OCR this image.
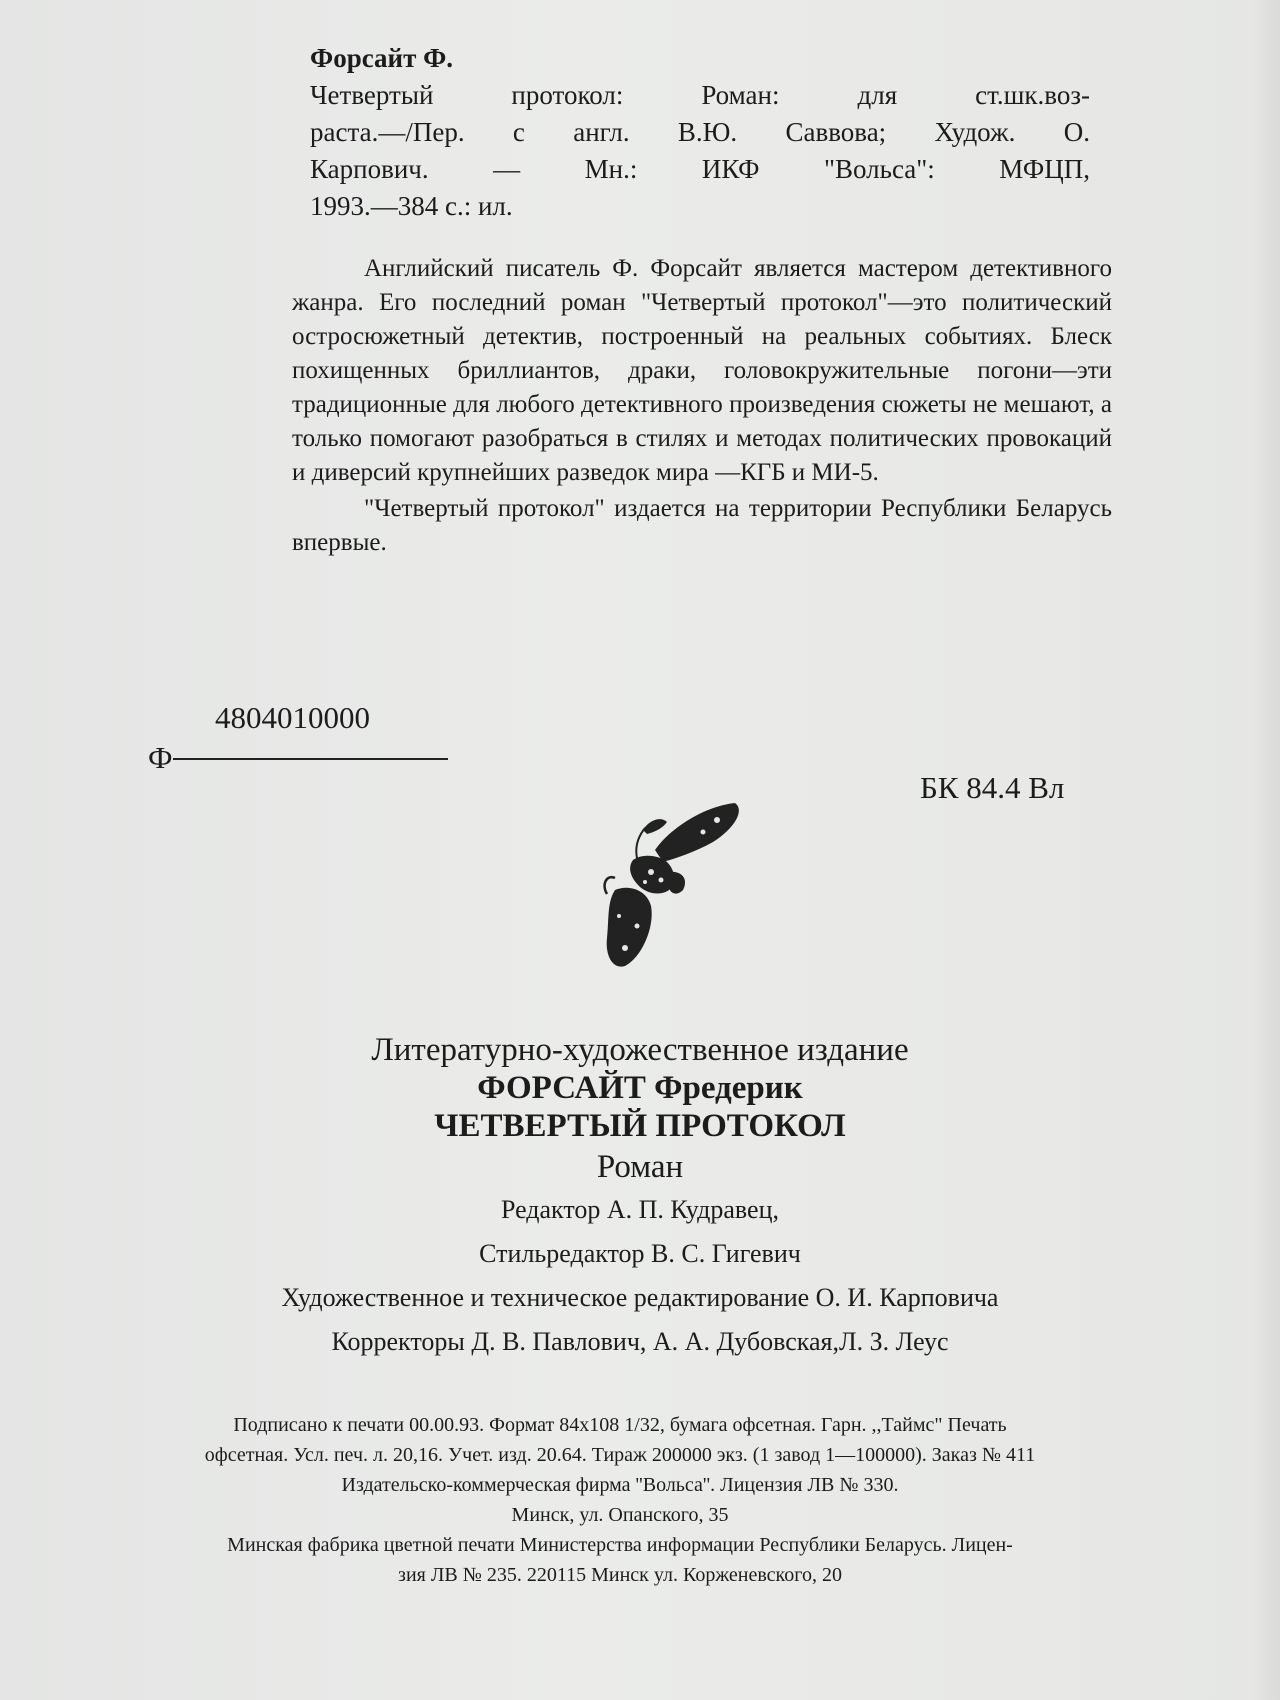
Форсайт Ф.
Четвертый протокол: Роман: для ст.шк.воз-
раста.—/Пер. с англ. В.Ю. Саввова; Худож. О.
Карпович. — Мн.: ИКФ "Вольса": МФЦП,
1993.—384 с.: ил.

Английский писатель Ф. Форсайт является мастером детективного жанра. Его последний роман "Четвертый протокол"—это политический остросюжетный детектив, построенный на реальных событиях. Блеск похищенных бриллиантов, драки, головокружительные погони—эти традиционные для любого детективного произведения сюжеты не мешают, а только помогают разобраться в стилях и методах политических провокаций и диверсий крупнейших разведок мира —КГБ и МИ-5.

"Четвертый протокол" издается на территории Республики Беларусь впервые.

4804010000
Ф
БК 84.4 Вл
Литературно-художественное издание
ФОРСАЙТ Фредерик
ЧЕТВЕРТЫЙ ПРОТОКОЛ
Роман
Редактор А. П. Кудравец,
Стильредактор В. С. Гигевич
Художественное и техническое редактирование О. И. Карповича
Корректоры Д. В. Павлович, А. А. Дубовская,Л. З. Леус
Подписано к печати 00.00.93. Формат 84x108 1/32, бумага офсетная. Гарн. ,,Таймс" Печать
офсетная. Усл. печ. л. 20,16. Учет. изд. 20.64. Тираж 200000 экз. (1 завод 1—100000). Заказ № 411
Издательско-коммерческая фирма ''Вольса''. Лицензия ЛВ № 330.
Минск, ул. Опанского, 35
Минская фабрика цветной печати Министерства информации Республики Беларусь. Лицен-
зия ЛВ № 235. 220115 Минск ул. Корженевского, 20
